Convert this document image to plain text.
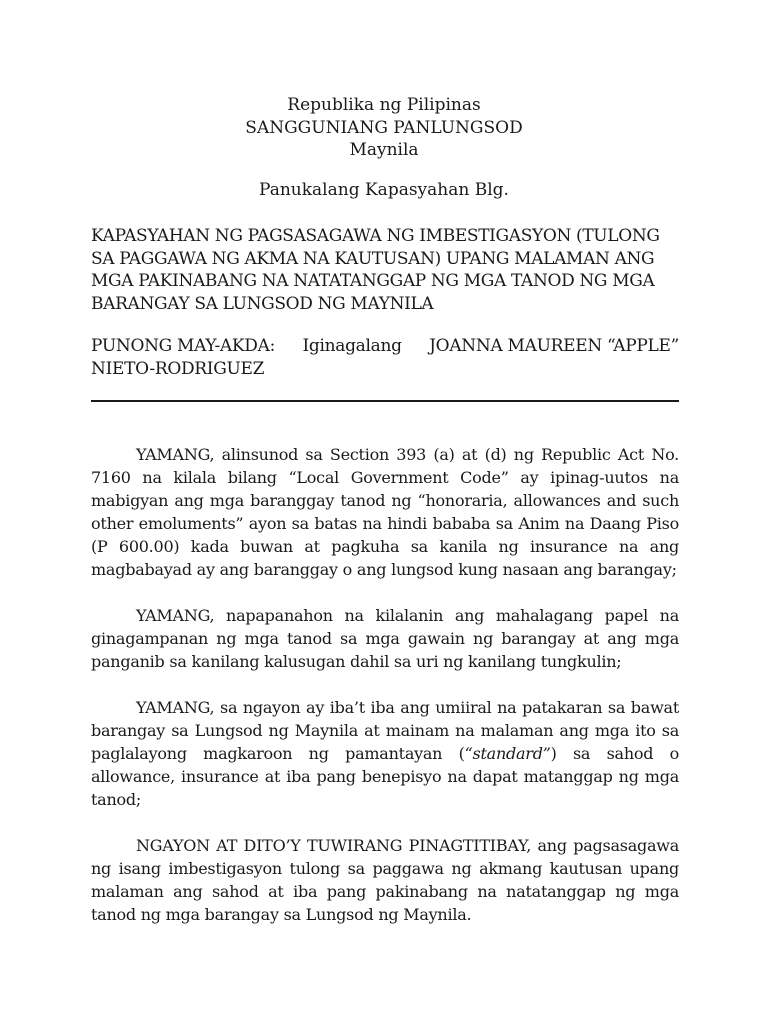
Republika ng Pilipinas
SANGGUNIANG PANLUNGSOD
Maynila
Panukalang Kapasyahan Blg.
KAPASYAHAN NG PAGSASAGAWA NG IMBESTIGASYON (TULONG
SA PAGGAWA NG AKMA NA KAUTUSAN) UPANG MALAMAN ANG
MGA PAKINABANG NA NATATANGGAP NG MGA TANOD NG MGA
BARANGAY SA LUNGSOD NG MAYNILA
PUNONG MAY-AKDA: Iginagalang JOANNA MAUREEN “APPLE”
NIETO-RODRIGUEZ

YAMANG, alinsunod sa Section 393 (a) at (d) ng Republic Act No. 7160 na kilala bilang “Local Government Code” ay ipinag-uutos na mabigyan ang mga baranggay tanod ng “honoraria, allowances and such other emoluments” ayon sa batas na hindi bababa sa Anim na Daang Piso (P 600.00) kada buwan at pagkuha sa kanila ng insurance na ang magbabayad ay ang baranggay o ang lungsod kung nasaan ang barangay;

YAMANG, napapanahon na kilalanin ang mahalagang papel na ginagampanan ng mga tanod sa mga gawain ng barangay at ang mga panganib sa kanilang kalusugan dahil sa uri ng kanilang tungkulin;

YAMANG, sa ngayon ay iba’t iba ang umiiral na patakaran sa bawat barangay sa Lungsod ng Maynila at mainam na malaman ang mga ito sa paglalayong magkaroon ng pamantayan (“standard”) sa sahod o allowance, insurance at iba pang benepisyo na dapat matanggap ng mga tanod;

NGAYON AT DITO’Y TUWIRANG PINAGTITIBAY, ang pagsasagawa ng isang imbestigasyon tulong sa paggawa ng akmang kautusan upang malaman ang sahod at iba pang pakinabang na natatanggap ng mga tanod ng mga barangay sa Lungsod ng Maynila.
